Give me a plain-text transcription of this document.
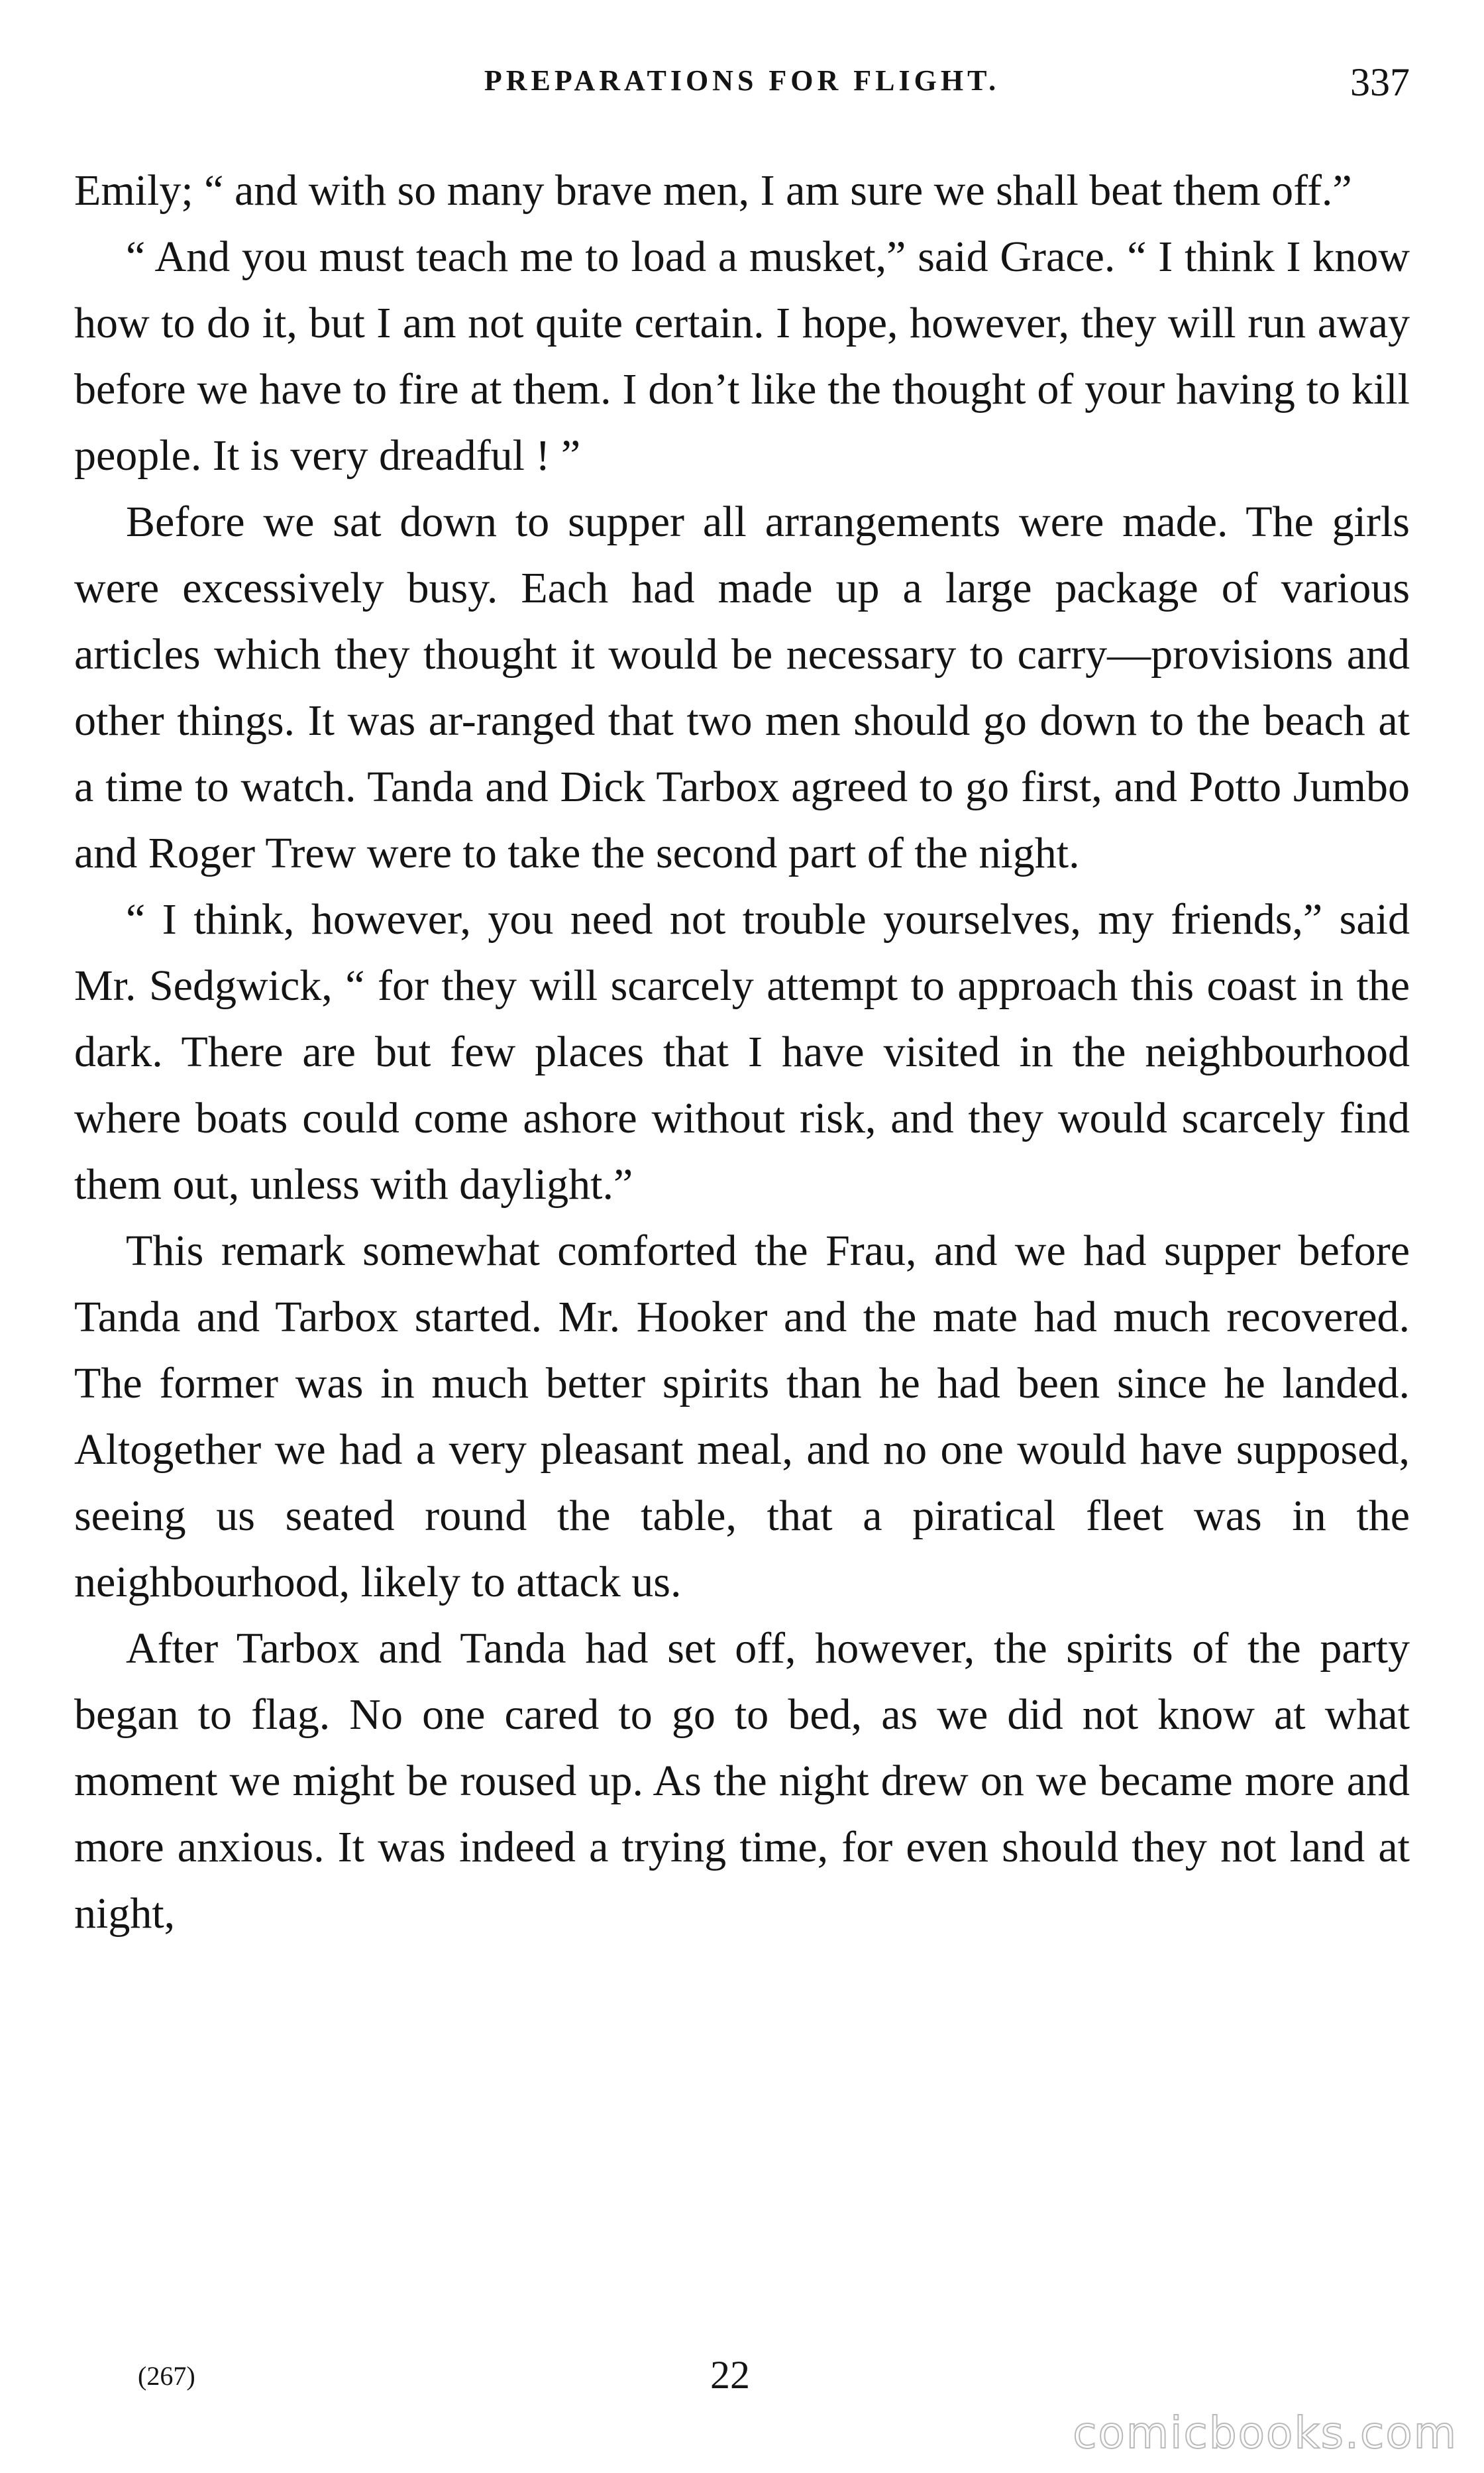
PREPARATIONS FOR FLIGHT.	337

Emily; “ and with so many brave men, I am sure we shall beat them off.”

“ And you must teach me to load a musket,” said Grace. “ I think I know how to do it, but I am not quite certain. I hope, however, they will run away before we have to fire at them. I don’t like the thought of your having to kill people. It is very dreadful ! ”

Before we sat down to supper all arrangements were made. The girls were excessively busy. Each had made up a large package of various articles which they thought it would be necessary to carry—provisions and other things. It was ar-ranged that two men should go down to the beach at a time to watch. Tanda and Dick Tarbox agreed to go first, and Potto Jumbo and Roger Trew were to take the second part of the night.

“ I think, however, you need not trouble yourselves, my friends,” said Mr. Sedgwick, “ for they will scarcely attempt to approach this coast in the dark. There are but few places that I have visited in the neighbourhood where boats could come ashore without risk, and they would scarcely find them out, unless with daylight.”

This remark somewhat comforted the Frau, and we had supper before Tanda and Tarbox started. Mr. Hooker and the mate had much recovered. The former was in much better spirits than he had been since he landed. Altogether we had a very pleasant meal, and no one would have supposed, seeing us seated round the table, that a piratical fleet was in the neighbourhood, likely to attack us.

After Tarbox and Tanda had set off, however, the spirits of the party began to flag. No one cared to go to bed, as we did not know at what moment we might be roused up. As the night drew on we became more and more anxious. It was indeed a trying time, for even should they not land at night,

(267)	22
comicbooks.com
